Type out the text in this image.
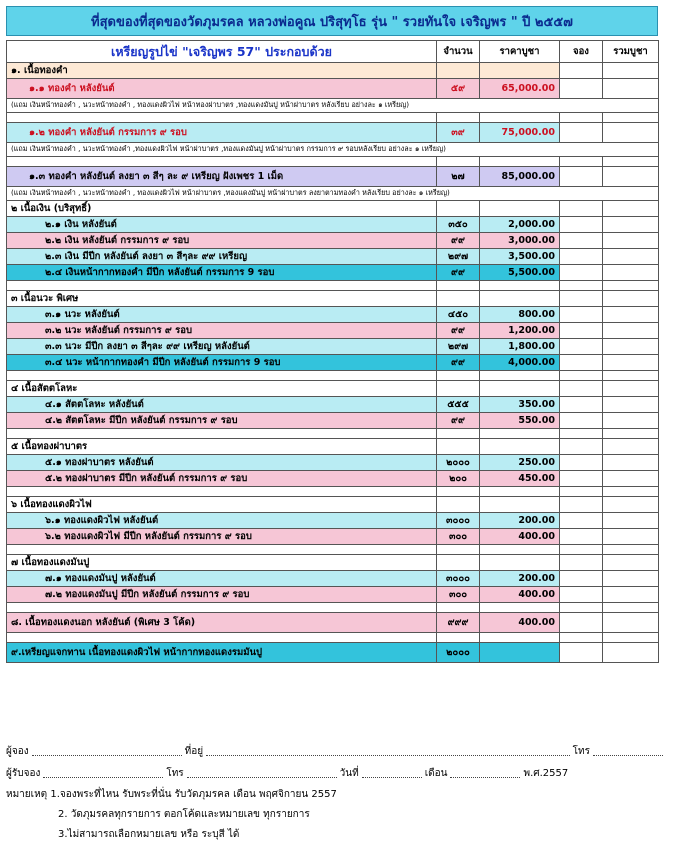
ที่สุดของที่สุดของวัดภุมรคล หลวงพ่อคูณ ปริสุทฺโธ รุ่น " รวยทันใจ เจริญพร " ปี ๒๕๕๗
เหรียญรูปไข่ "เจริญพร 57" ประกอบด้วย	จำนวน	ราคาบูชา	จอง	รวมบูชา
๑. เนื้อทองคำ				
๑.๑ ทองคำ หลังยันต์	๕๙	65,000.00		
(แถม เงินหน้าทองคำ , นวะหน้าทองคำ , ทองแดงผิวไฟ หน้าทองฝาบาตร ,ทองแดงมันปู หน้าฝาบาตร หลังเรียบ อย่างละ ๑ เหรียญ)				

๑.๒ ทองคำ หลังยันต์ กรรมการ ๙ รอบ	๓๙	75,000.00		
(แถม เงินหน้าทองคำ , นวะหน้าทองคำ ,ทองแดงผิวไฟ หน้าฝาบาตร ,ทองแดงมันปู หน้าฝาบาตร กรรมการ ๙ รอบหลังเรียบ อย่างละ ๑ เหรียญ)				

๑.๓ ทองคำ หลังยันต์ ลงยา ๓ สีๆ ละ ๙ เหรียญ ฝังเพชร 1 เม็ด	๒๗	85,000.00		
(แถม เงินหน้าทองคำ , นวะหน้าทองคำ , ทองแดงผิวไฟ หน้าฝาบาตร ,ทองแดงมันปู หน้าฝาบาตร ลงยาตามทองคำ หลังเรียบ อย่างละ ๑ เหรียญ)				
๒ เนื้อเงิน (บริสุทธิ์)				
๒.๑ เงิน หลังยันต์	๓๕๐	2,000.00		
๒.๒ เงิน หลังยันต์ กรรมการ ๙ รอบ	๙๙	3,000.00		
๒.๓ เงิน มีปีก หลังยันต์ ลงยา ๓ สีๆละ ๙๙ เหรียญ	๒๙๗	3,500.00		
๒.๔ เงินหน้ากากทองคำ มีปีก หลังยันต์ กรรมการ 9 รอบ	๙๙	5,500.00		

๓ เนื้อนวะ พิเศษ				
๓.๑ นวะ หลังยันต์	๔๕๐	800.00		
๓.๒ นวะ หลังยันต์ กรรมการ ๙ รอบ	๙๙	1,200.00		
๓.๓ นวะ มีปีก ลงยา ๓ สีๆละ ๙๙ เหรียญ หลังยันต์	๒๙๗	1,800.00		
๓.๔ นวะ หน้ากากทองคำ มีปีก หลังยันต์ กรรมการ 9 รอบ	๙๙	4,000.00		

๔ เนื้อสัตตโลหะ				
๔.๑ สัตตโลหะ หลังยันต์	๕๕๕	350.00		
๔.๒ สัตตโลหะ มีปีก หลังยันต์ กรรมการ ๙ รอบ	๙๙	550.00		

๕ เนื้อทองฝาบาตร				
๕.๑ ทองฝาบาตร หลังยันต์	๒๐๐๐	250.00		
๕.๒ ทองฝาบาตร มีปีก หลังยันต์ กรรมการ ๙ รอบ	๒๐๐	450.00		

๖ เนื้อทองแดงผิวไฟ				
๖.๑ ทองแดงผิวไฟ หลังยันต์	๓๐๐๐	200.00		
๖.๒ ทองแดงผิวไฟ มีปีก หลังยันต์ กรรมการ ๙ รอบ	๓๐๐	400.00		

๗ เนื้อทองแดงมันปู				
๗.๑ ทองแดงมันปู หลังยันต์	๓๐๐๐	200.00		
๗.๒ ทองแดงมันปู มีปีก หลังยันต์ กรรมการ ๙ รอบ	๓๐๐	400.00		

๘. เนื้อทองแดงนอก หลังยันต์ (พิเศษ 3 โค้ด)	๙๙๙	400.00		

๙.เหรียญแจกทาน เนื้อทองแดงผิวไฟ หน้ากากทองแดงรมมันปู	๒๐๐๐			
ผู้จอง	ที่อยู่	โทร
ผู้รับจอง	โทร	วันที่	เดือน	พ.ศ.2557
หมายเหตุ 1.จองพระที่ไหน รับพระที่นั่น รับวัดภุมรคล เดือน พฤศจิกายน 2557
2. วัดภุมรคลทุกรายการ ตอกโค้ดและหมายเลข ทุกรายการ
3.ไม่สามารถเลือกหมายเลข หรือ ระบุสี ได้
